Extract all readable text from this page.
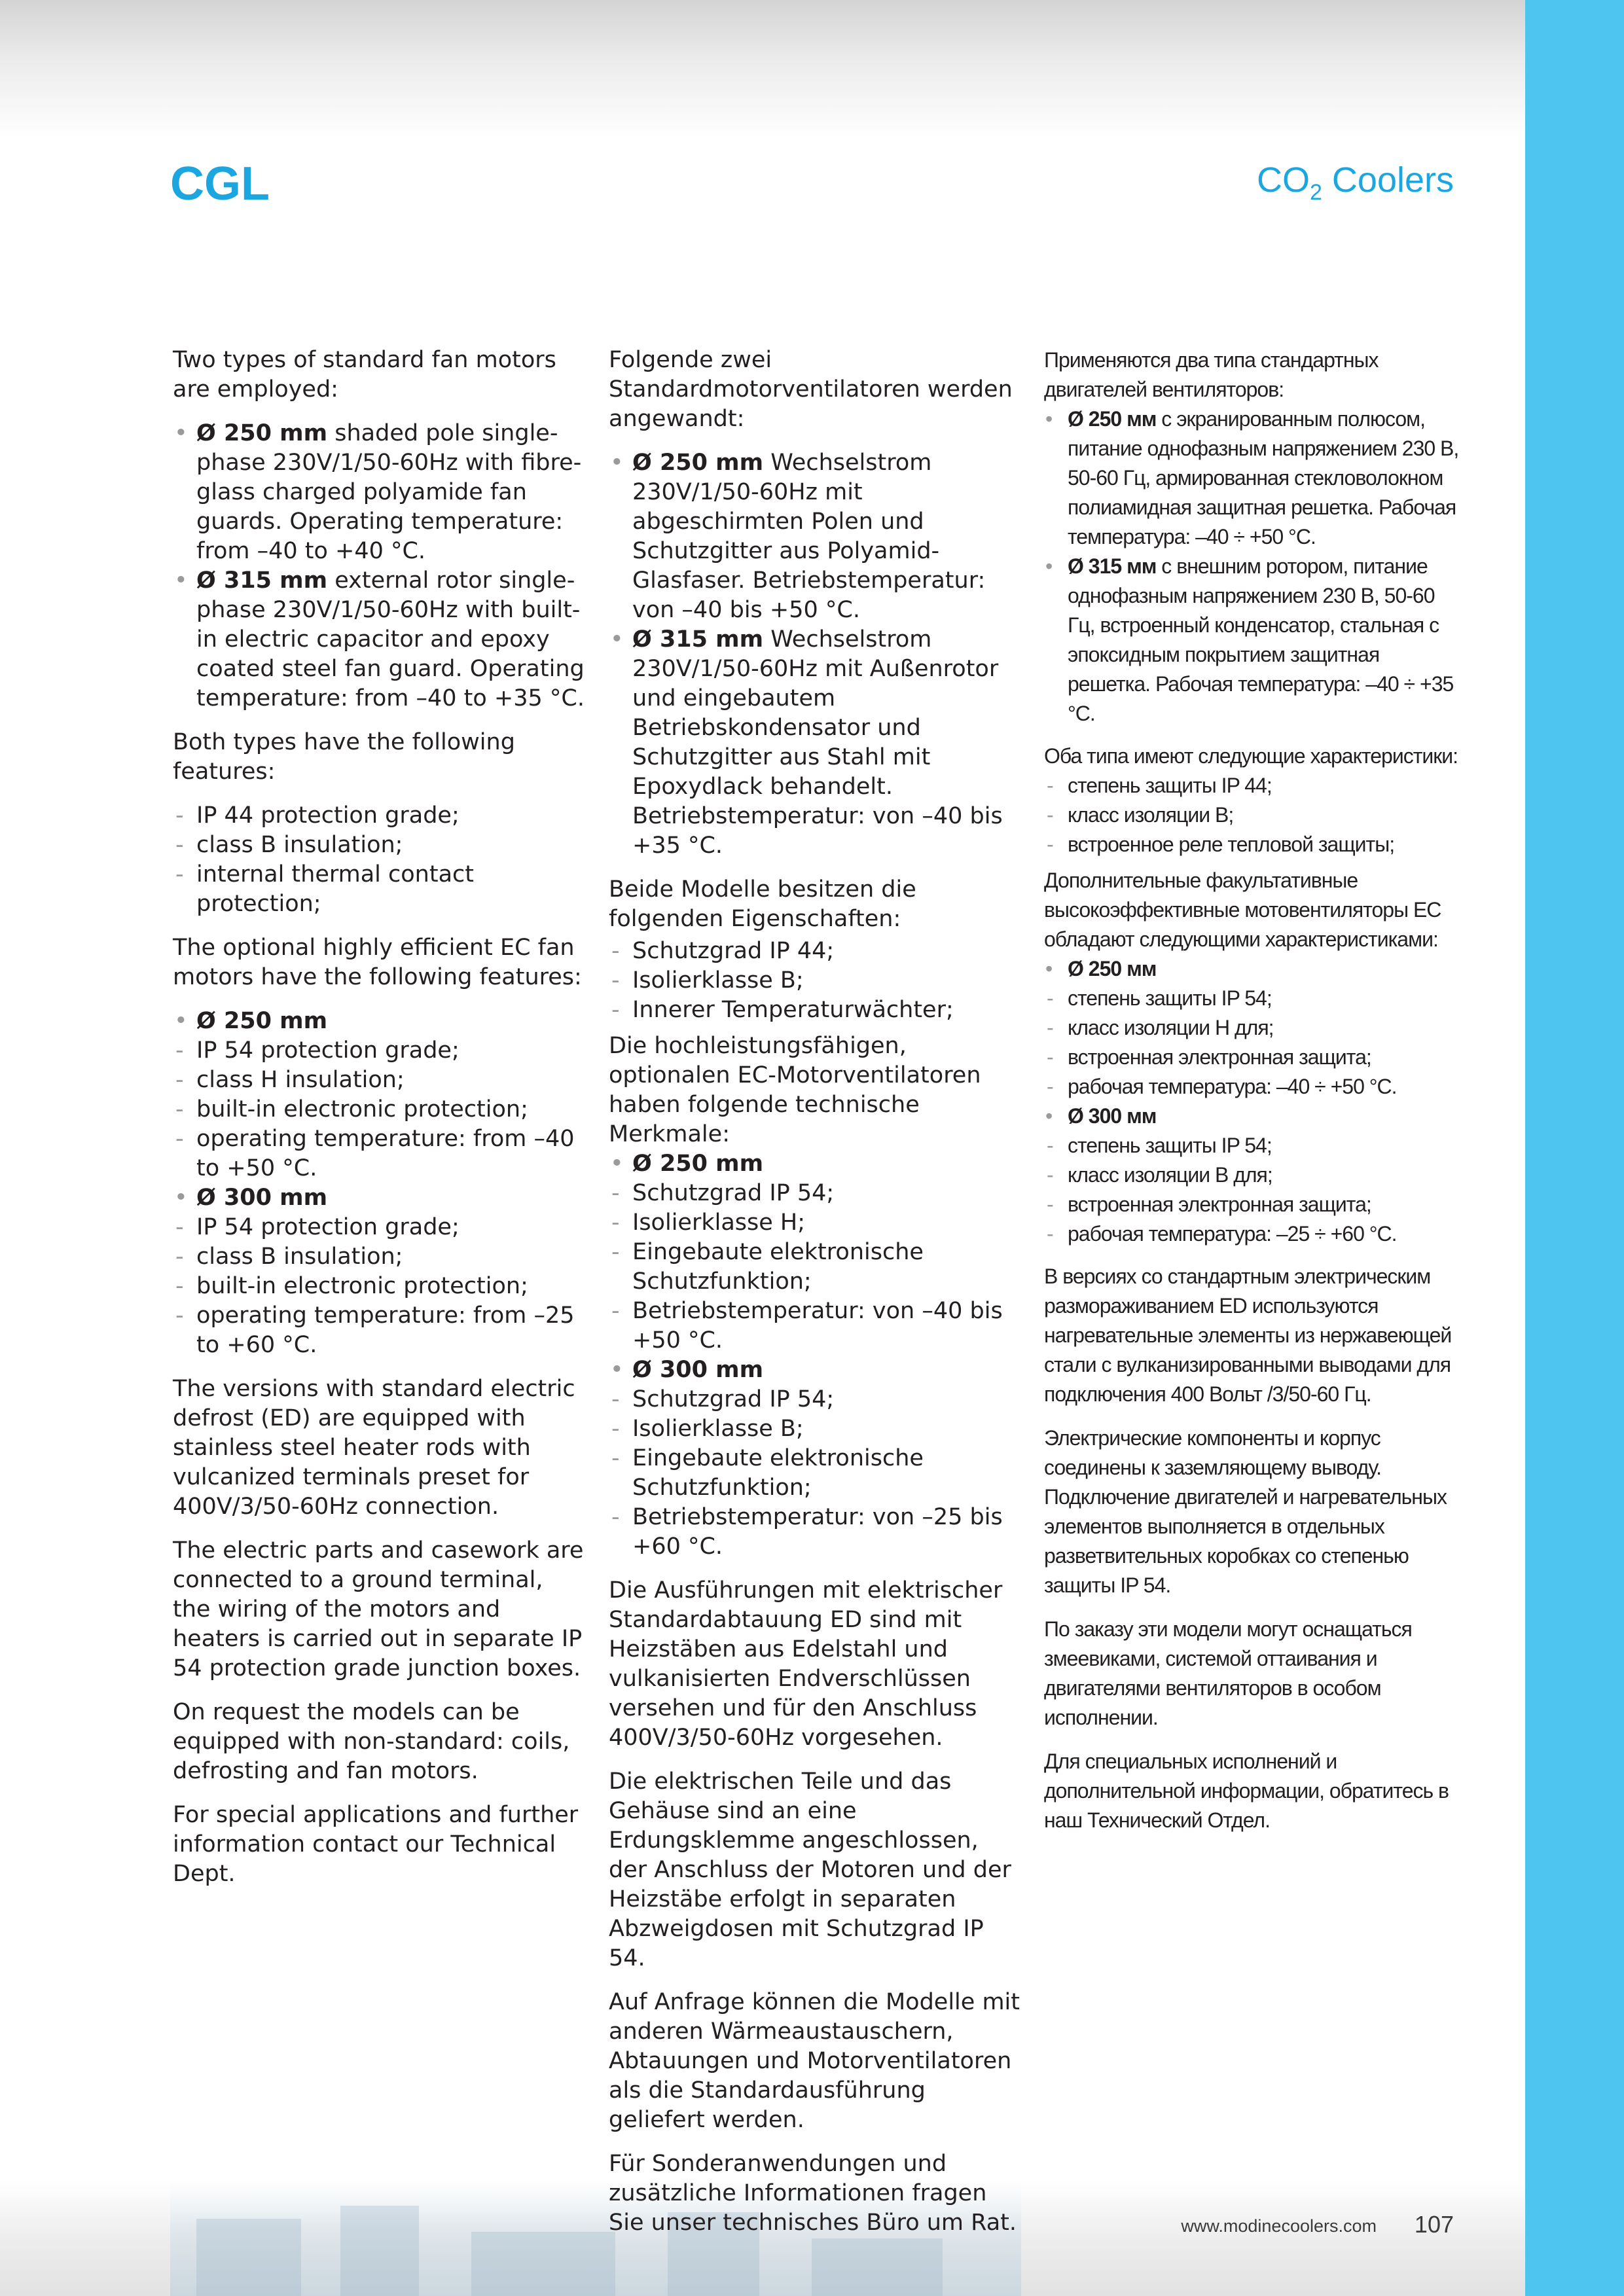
CGL	$CO_2$ Coolers

Two types of standard fan motors are employed:

• Ø 250 mm shaded pole single-phase 230V/1/50-60Hz with fibre-glass charged polyamide fan guards. Operating temperature: from –40 to +40 °C.
• Ø 315 mm external rotor single-phase 230V/1/50-60Hz with built-in electric capacitor and epoxy coated steel fan guard. Operating temperature: from –40 to +35 °C.

Both types have the following features:

- IP 44 protection grade;
- class B insulation;
- internal thermal contact protection;

The optional highly efficient EC fan motors have the following features:

• Ø 250 mm
- IP 54 protection grade;
- class H insulation;
- built-in electronic protection;
- operating temperature: from –40 to +50 °C.
• Ø 300 mm
- IP 54 protection grade;
- class B insulation;
- built-in electronic protection;
- operating temperature: from –25 to +60 °C.

The versions with standard electric defrost (ED) are equipped with stainless steel heater rods with vulcanized terminals preset for 400V/3/50-60Hz connection.

The electric parts and casework are connected to a ground terminal, the wiring of the motors and heaters is carried out in separate IP 54 protection grade junction boxes.

On request the models can be equipped with non-standard: coils, defrosting and fan motors.

For special applications and further information contact our Technical Dept.

Folgende zwei Standardmotorventilatoren werden angewandt:

• Ø 250 mm Wechselstrom 230V/1/50-60Hz mit abgeschirmten Polen und Schutzgitter aus Polyamid-Glasfaser. Betriebstemperatur: von –40 bis +50 °C.
• Ø 315 mm Wechselstrom 230V/1/50-60Hz mit Außenrotor und eingebautem Betriebskondensator und Schutzgitter aus Stahl mit Epoxydlack behandelt. Betriebstemperatur: von –40 bis +35 °C.

Beide Modelle besitzen die folgenden Eigenschaften:

- Schutzgrad IP 44;
- Isolierklasse B;
- Innerer Temperaturwächter;

Die hochleistungsfähigen, optionalen EC-Motorventilatoren haben folgende technische Merkmale:

• Ø 250 mm
- Schutzgrad IP 54;
- Isolierklasse H;
- Eingebaute elektronische Schutzfunktion;
- Betriebstemperatur: von –40 bis +50 °C.
• Ø 300 mm
- Schutzgrad IP 54;
- Isolierklasse B;
- Eingebaute elektronische Schutzfunktion;
- Betriebstemperatur: von –25 bis +60 °C.

Die Ausführungen mit elektrischer Standardabtauung ED sind mit Heizstäben aus Edelstahl und vulkanisierten Endverschlüssen versehen und für den Anschluss 400V/3/50-60Hz vorgesehen.

Die elektrischen Teile und das Gehäuse sind an eine Erdungsklemme angeschlossen, der Anschluss der Motoren und der Heizstäbe erfolgt in separaten Abzweigdosen mit Schutzgrad IP 54.

Auf Anfrage können die Modelle mit anderen Wärmeaustauschern, Abtauungen und Motorventilatoren als die Standardausführung geliefert werden.

Für Sonderanwendungen und zusätzliche Informationen fragen Sie unser technisches Büro um Rat.

Применяются два типа стандартных двигателей вентиляторов:

• Ø 250 мм с экранированным полюсом, питание однофазным напряжением 230 В, 50-60 Гц, армированная стекловолокном полиамидная защитная решетка. Рабочая температура: –40 ÷ +50 °С.
• Ø 315 мм с внешним ротором, питание однофазным напряжением 230 В, 50-60 Гц, встроенный конденсатор, стальная с эпоксидным покрытием защитная решетка. Рабочая температура: –40 ÷ +35 °С.

Оба типа имеют следующие характеристики:

- степень защиты IP 44;
- класс изоляции B;
- встроенное реле тепловой защиты;

Дополнительные факультативные высокоэффективные мотовентиляторы EC обладают следующими характеристиками:

• Ø 250 мм
- степень защиты IP 54;
- класс изоляции H для;
- встроенная электронная защита;
- рабочая температура: –40 ÷ +50 °С.
• Ø 300 мм
- степень защиты IP 54;
- класс изоляции B для;
- встроенная электронная защита;
- рабочая температура: –25 ÷ +60 °С.

В версиях со стандартным электрическим размораживанием ED используются нагревательные элементы из нержавеющей стали с вулканизированными выводами для подключения 400 Вольт /3/50-60 Гц.

Электрические компоненты и корпус соединены к заземляющему выводу. Подключение двигателей и нагревательных элементов выполняется в отдельных разветвительных коробках со степенью защиты IP 54.

По заказу эти модели могут оснащаться змеевиками, системой оттаивания и двигателями вентиляторов в особом исполнении.

Для специальных исполнений и дополнительной информации, обратитесь в наш Технический Отдел.

www.modinecoolers.com 107
